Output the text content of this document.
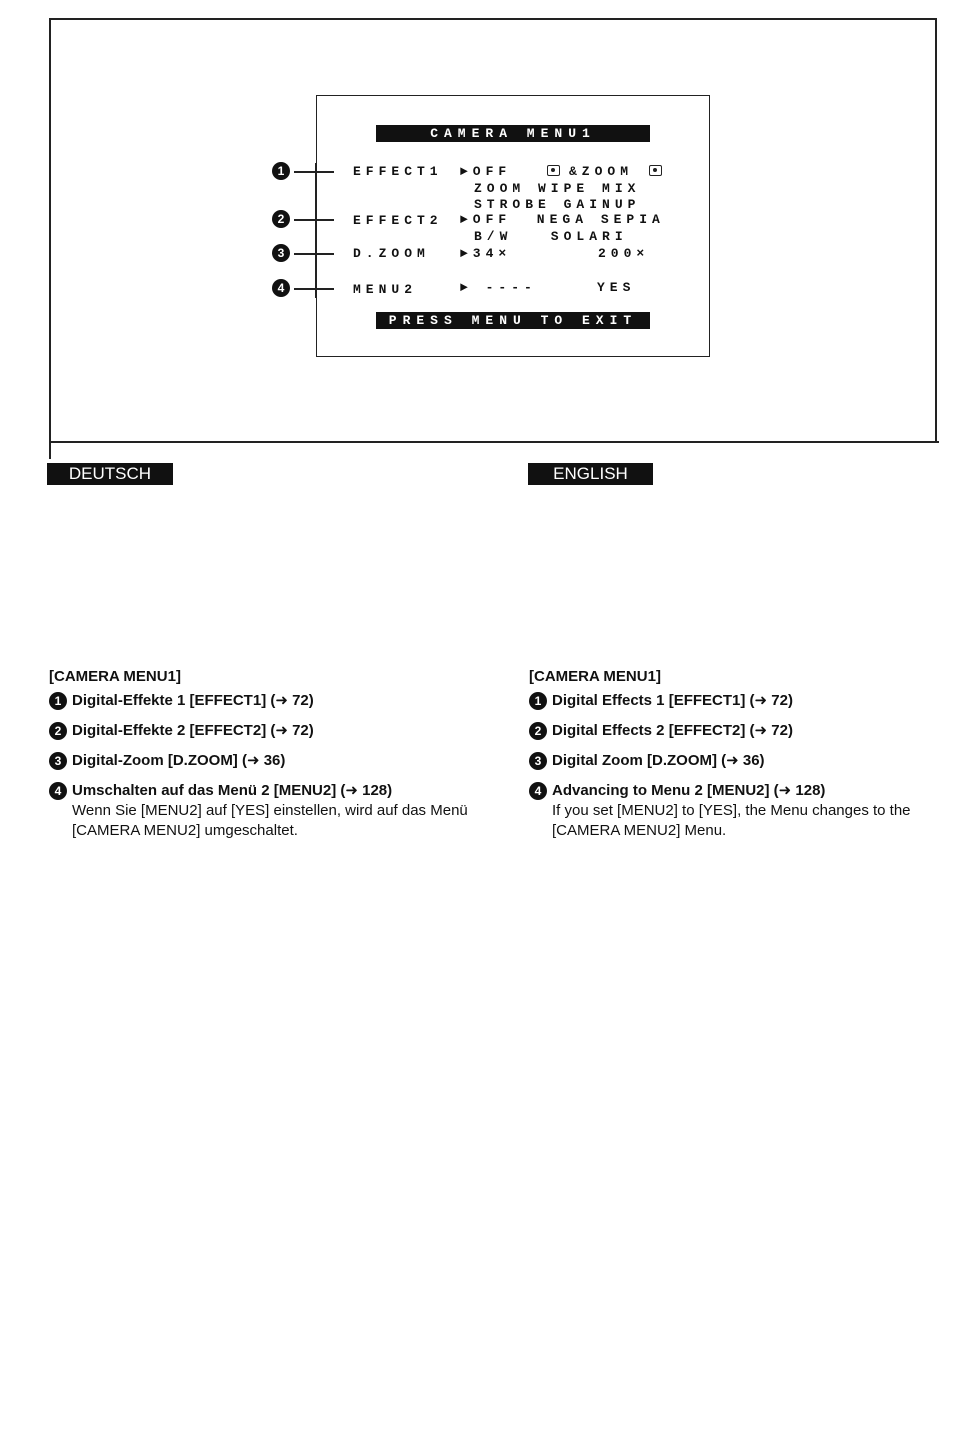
CAMERA MENU1
PRESS MENU TO EXIT
1
2
3
4
EFFECT1 ►OFF	&ZOOM
ZOOM WIPE MIX
STROBE GAINUP
EFFECT2 ►OFF  NEGA SEPIA
B/W   SOLARI
D.ZOOM ►34×	200×
MENU2	► ----	YES
DEUTSCH	ENGLISH
[CAMERA MENU1]
1 Digital-Effekte 1 [EFFECT1] (➜ 72)
2 Digital-Effekte 2 [EFFECT2] (➜ 72)
3 Digital-Zoom [D.ZOOM] (➜ 36)
4 Umschalten auf das Menü 2 [MENU2] (➜ 128)
Wenn Sie [MENU2] auf [YES] einstellen, wird auf das Menü [CAMERA MENU2] umgeschaltet.
[CAMERA MENU1]
1 Digital Effects 1 [EFFECT1] (➜ 72)
2 Digital Effects 2 [EFFECT2] (➜ 72)
3 Digital Zoom [D.ZOOM] (➜ 36)
4 Advancing to Menu 2 [MENU2] (➜ 128)
If you set [MENU2] to [YES], the Menu changes to the [CAMERA MENU2] Menu.
